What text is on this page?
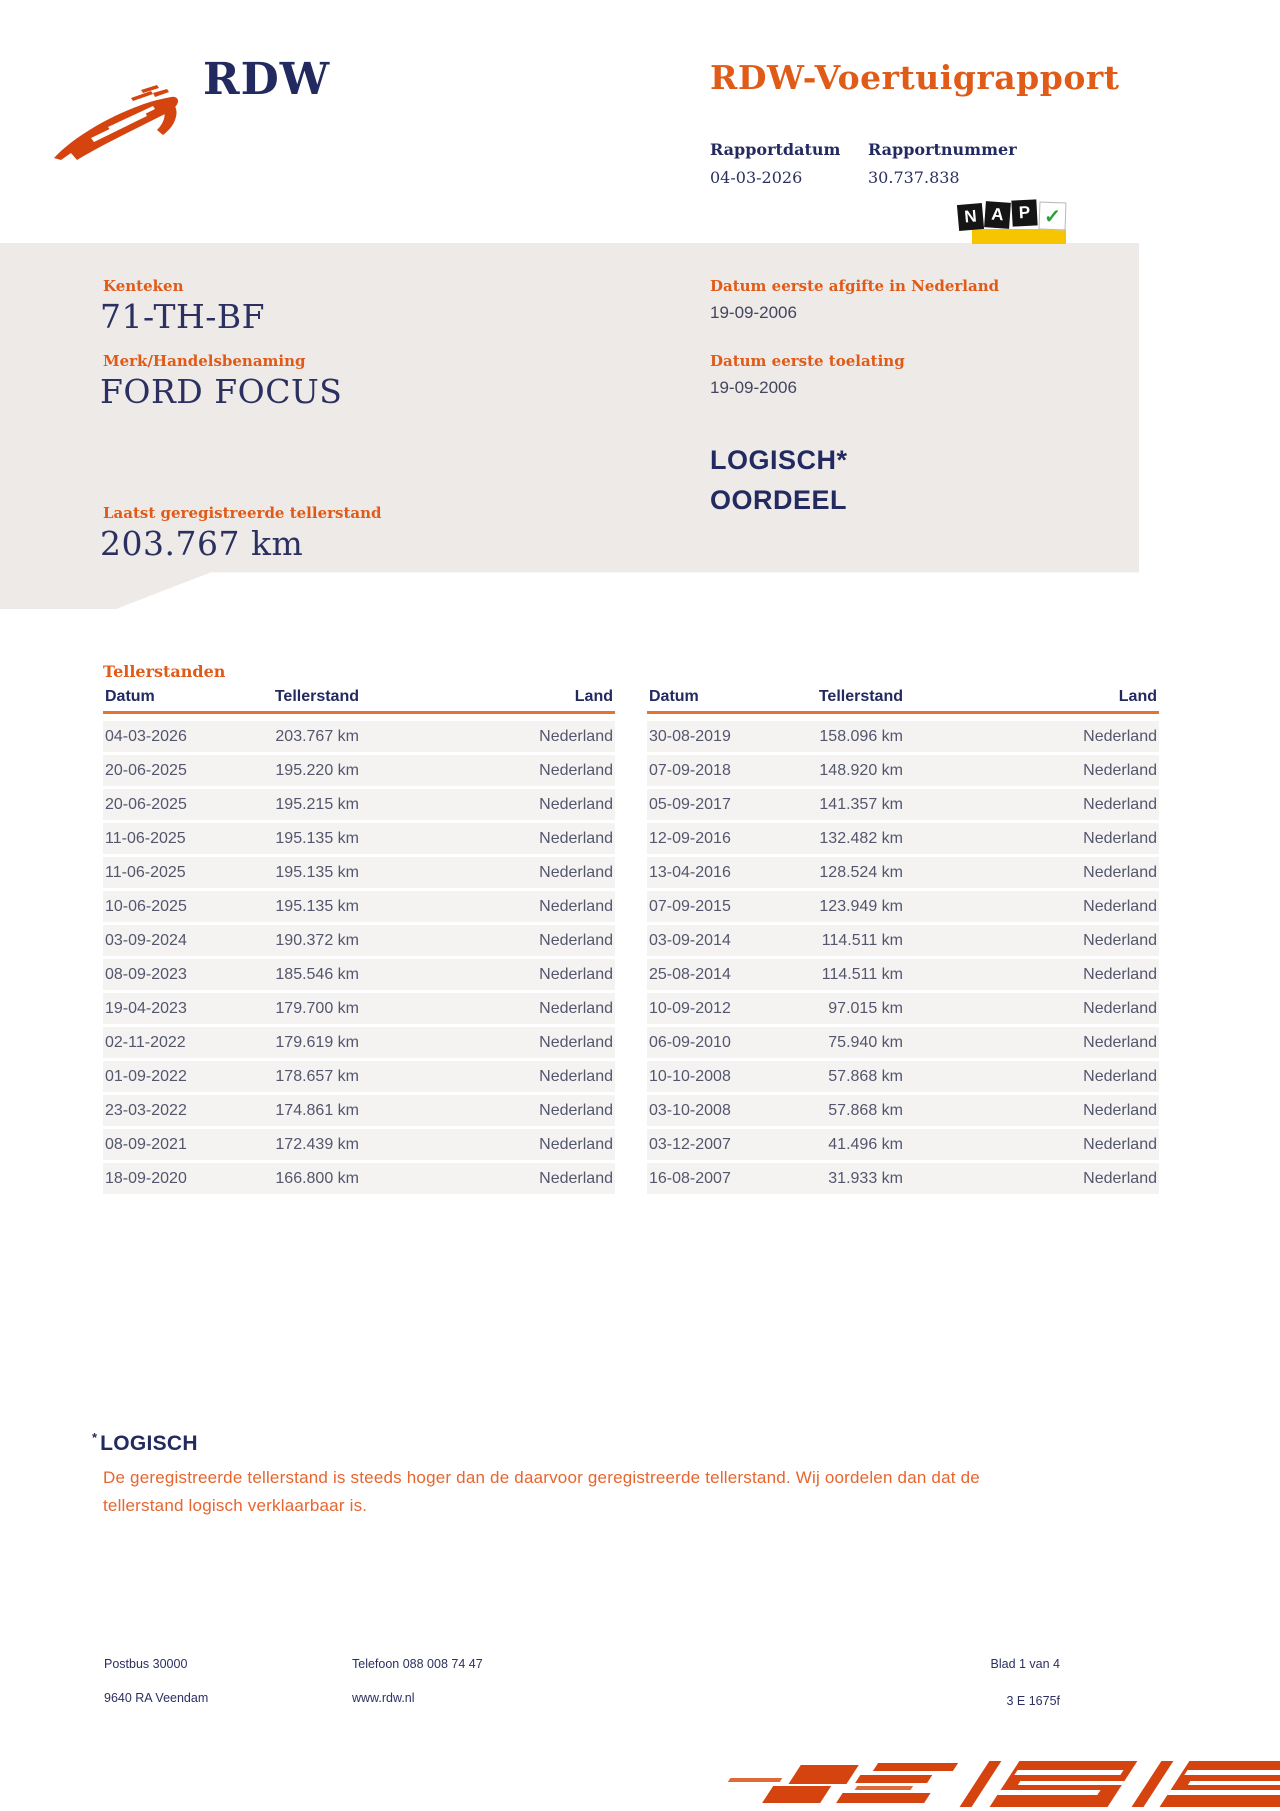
RDW	RDW-Voertuigrapport
Rapportdatum Rapportnummer
04-03-2026	30.737.838
Kenteken
71-TH-BF
Merk/Handelsbenaming
FORD FOCUS
Laatst geregistreerde tellerstand
203.767 km
Datum eerste afgifte in Nederland
19-09-2006
Datum eerste toelating
19-09-2006
LOGISCH*
OORDEEL
N A P ✓
Tellerstanden
Datum	Tellerstand	Land
04-03-2026	203.767 km	Nederland
20-06-2025	195.220 km	Nederland
20-06-2025	195.215 km	Nederland
11-06-2025	195.135 km	Nederland
11-06-2025	195.135 km	Nederland
10-06-2025	195.135 km	Nederland
03-09-2024	190.372 km	Nederland
08-09-2023	185.546 km	Nederland
19-04-2023	179.700 km	Nederland
02-11-2022	179.619 km	Nederland
01-09-2022	178.657 km	Nederland
23-03-2022	174.861 km	Nederland
08-09-2021	172.439 km	Nederland
18-09-2020	166.800 km	Nederland
Datum	Tellerstand	Land
30-08-2019	158.096 km	Nederland
07-09-2018	148.920 km	Nederland
05-09-2017	141.357 km	Nederland
12-09-2016	132.482 km	Nederland
13-04-2016	128.524 km	Nederland
07-09-2015	123.949 km	Nederland
03-09-2014	114.511 km	Nederland
25-08-2014	114.511 km	Nederland
10-09-2012	97.015 km	Nederland
06-09-2010	75.940 km	Nederland
10-10-2008	57.868 km	Nederland
03-10-2008	57.868 km	Nederland
03-12-2007	41.496 km	Nederland
16-08-2007	31.933 km	Nederland
* LOGISCH
De geregistreerde tellerstand is steeds hoger dan de daarvoor geregistreerde tellerstand. Wij oordelen dan dat de
tellerstand logisch verklaarbaar is.
Postbus 30000
9640 RA Veendam
Telefoon 088 008 74 47
www.rdw.nl
Blad 1 van 4
3 E 1675f
